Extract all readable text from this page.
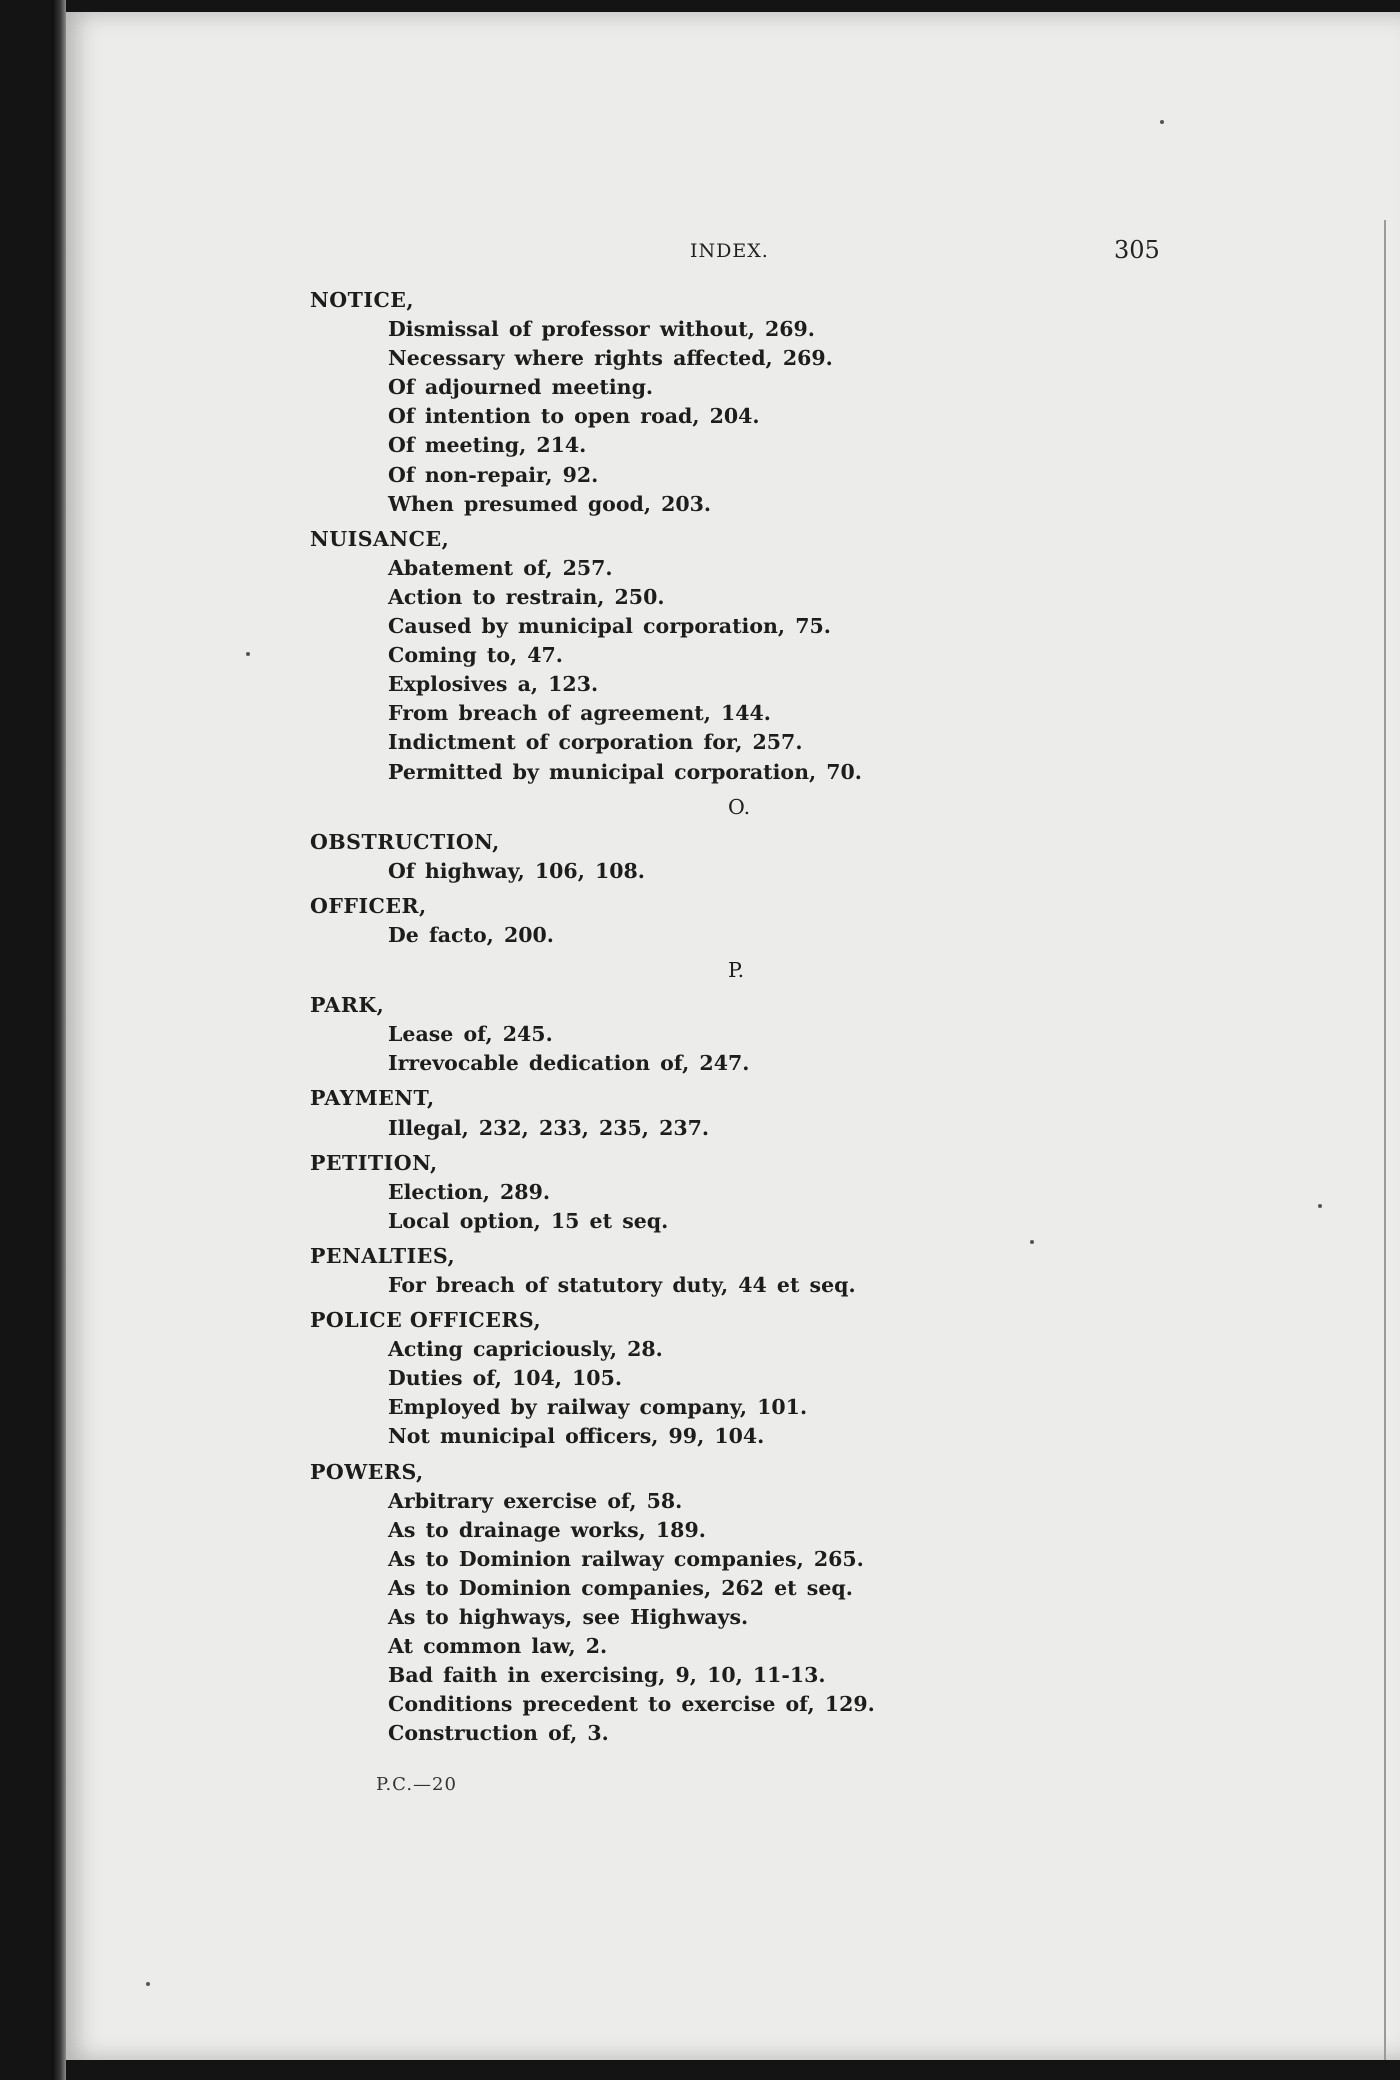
INDEX.	305
NOTICE,
Dismissal of professor without, 269.
Necessary where rights affected, 269.
Of adjourned meeting.
Of intention to open road, 204.
Of meeting, 214.
Of non-repair, 92.
When presumed good, 203.
NUISANCE,
Abatement of, 257.
Action to restrain, 250.
Caused by municipal corporation, 75.
Coming to, 47.
Explosives a, 123.
From breach of agreement, 144.
Indictment of corporation for, 257.
Permitted by municipal corporation, 70.
O.
OBSTRUCTION,
Of highway, 106, 108.
OFFICER,
De facto, 200.
P.
PARK,
Lease of, 245.
Irrevocable dedication of, 247.
PAYMENT,
Illegal, 232, 233, 235, 237.
PETITION,
Election, 289.
Local option, 15 et seq.
PENALTIES,
For breach of statutory duty, 44 et seq.
POLICE OFFICERS,
Acting capriciously, 28.
Duties of, 104, 105.
Employed by railway company, 101.
Not municipal officers, 99, 104.
POWERS,
Arbitrary exercise of, 58.
As to drainage works, 189.
As to Dominion railway companies, 265.
As to Dominion companies, 262 et seq.
As to highways, see Highways.
At common law, 2.
Bad faith in exercising, 9, 10, 11-13.
Conditions precedent to exercise of, 129.
Construction of, 3.
P.C.—20
